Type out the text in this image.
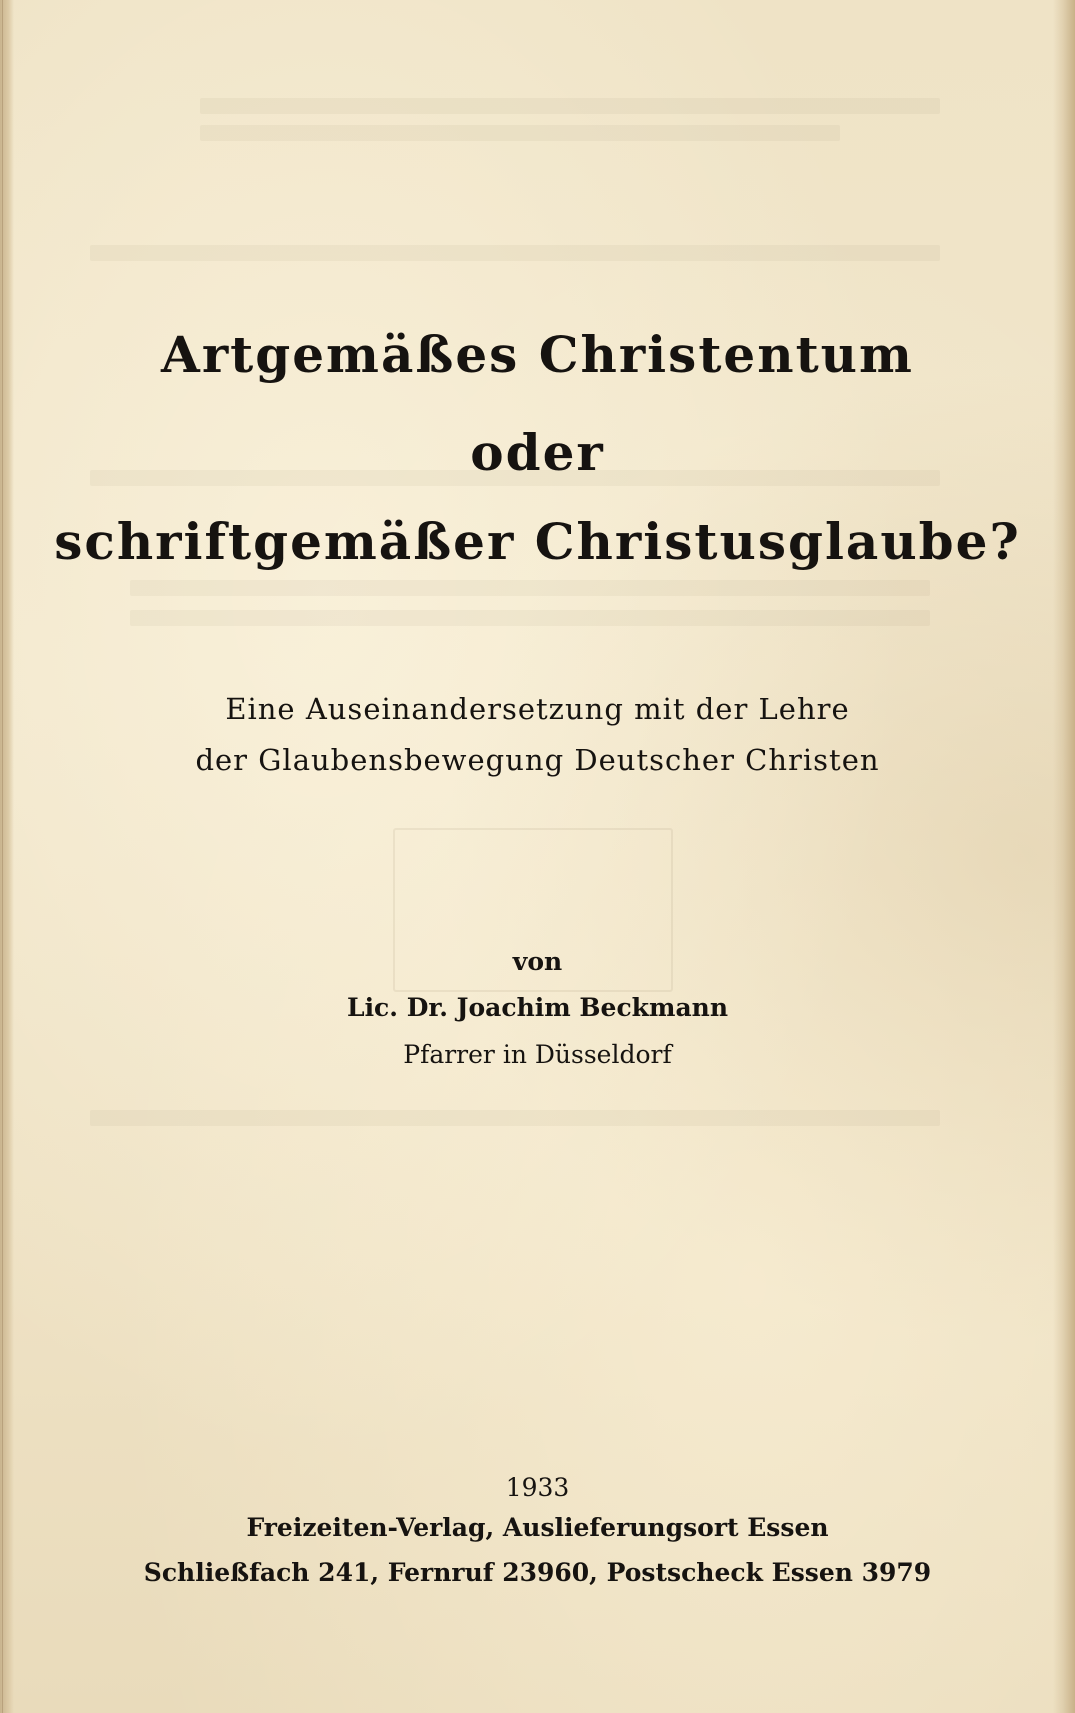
Artgemäßes Christentum
oder
schriftgemäßer Christusglaube?
Eine Auseinandersetzung mit der Lehre
der Glaubensbewegung Deutscher Christen
von
Lic. Dr. Joachim Beckmann
Pfarrer in Düsseldorf
1933
Freizeiten-Verlag, Auslieferungsort Essen
Schließfach 241, Fernruf 23960, Postscheck Essen 3979
